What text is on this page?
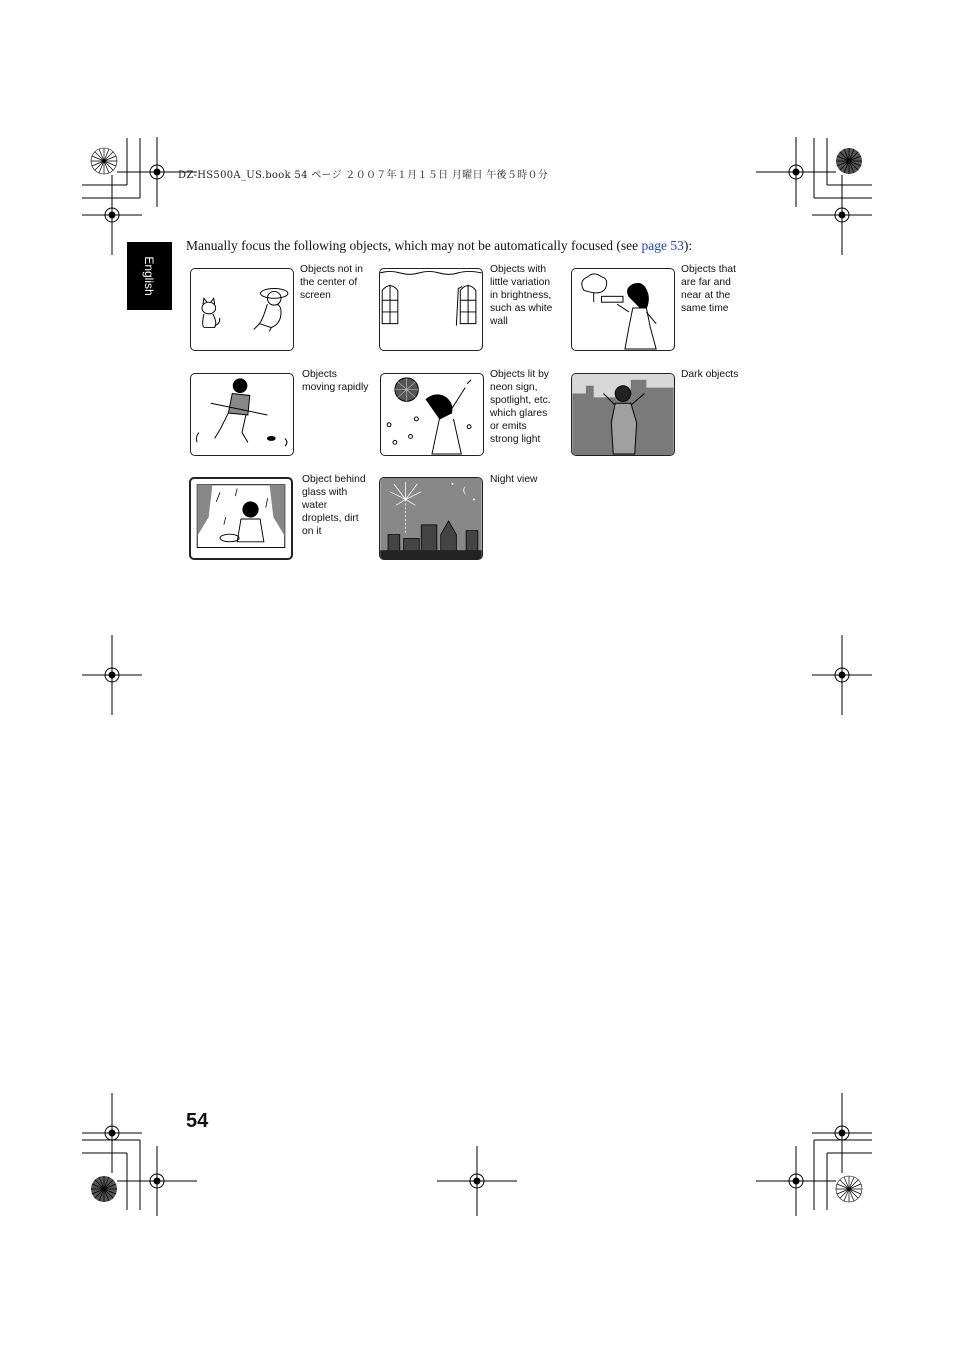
DZ-HS500A_US.book 54 ページ ２００７年１月１５日 月曜日 午後５時０分
English
Manually focus the following objects, which may not be automatically focused (see page 53):
Objects not in
the center of
screen
Objects with
little variation
in brightness,
such as white
wall
Objects that
are far and
near at the
same time
Objects
moving rapidly
Objects lit by
neon sign,
spotlight, etc.
which glares
or emits
strong light
Dark objects
Object behind
glass with
water
droplets, dirt
on it
Night view
54
